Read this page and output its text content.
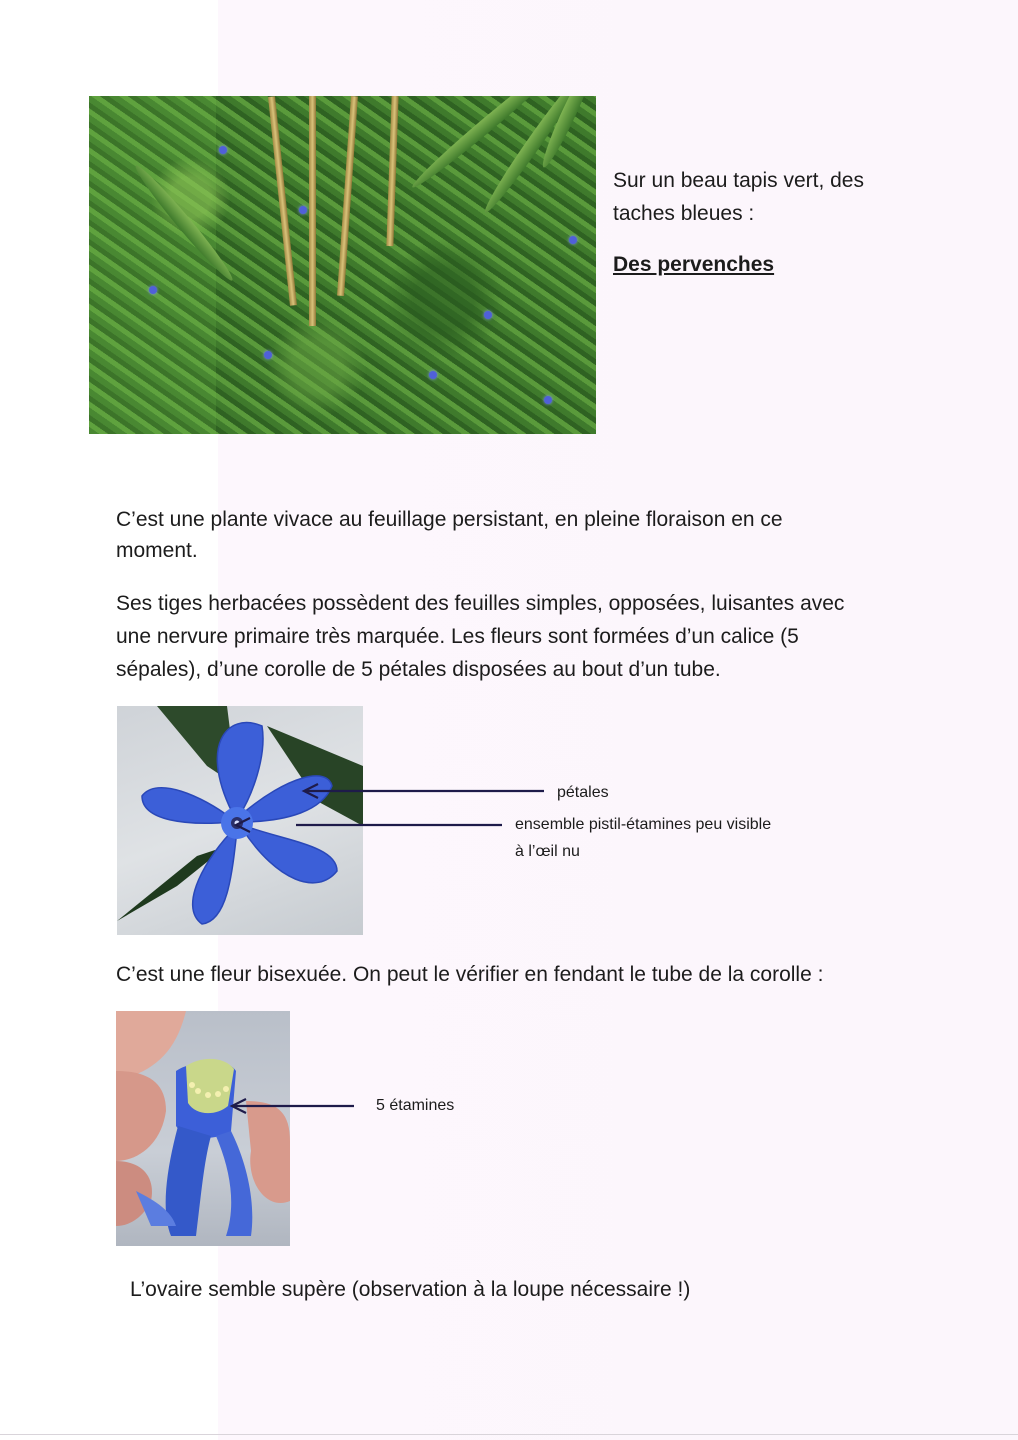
Sur un beau tapis vert, des
taches bleues :
Des pervenches
C’est une plante vivace au feuillage persistant, en pleine floraison en ce
moment.
Ses tiges herbacées possèdent des feuilles simples, opposées, luisantes avec
une nervure primaire très marquée. Les fleurs sont formées d’un calice (5
sépales), d’une corolle de 5 pétales disposées au bout d’un tube.
pétales
ensemble pistil-étamines peu visible
à l’œil nu
C’est une fleur bisexuée. On peut le vérifier en fendant le tube de la corolle :
5 étamines
L’ovaire semble supère (observation à la loupe nécessaire !)
